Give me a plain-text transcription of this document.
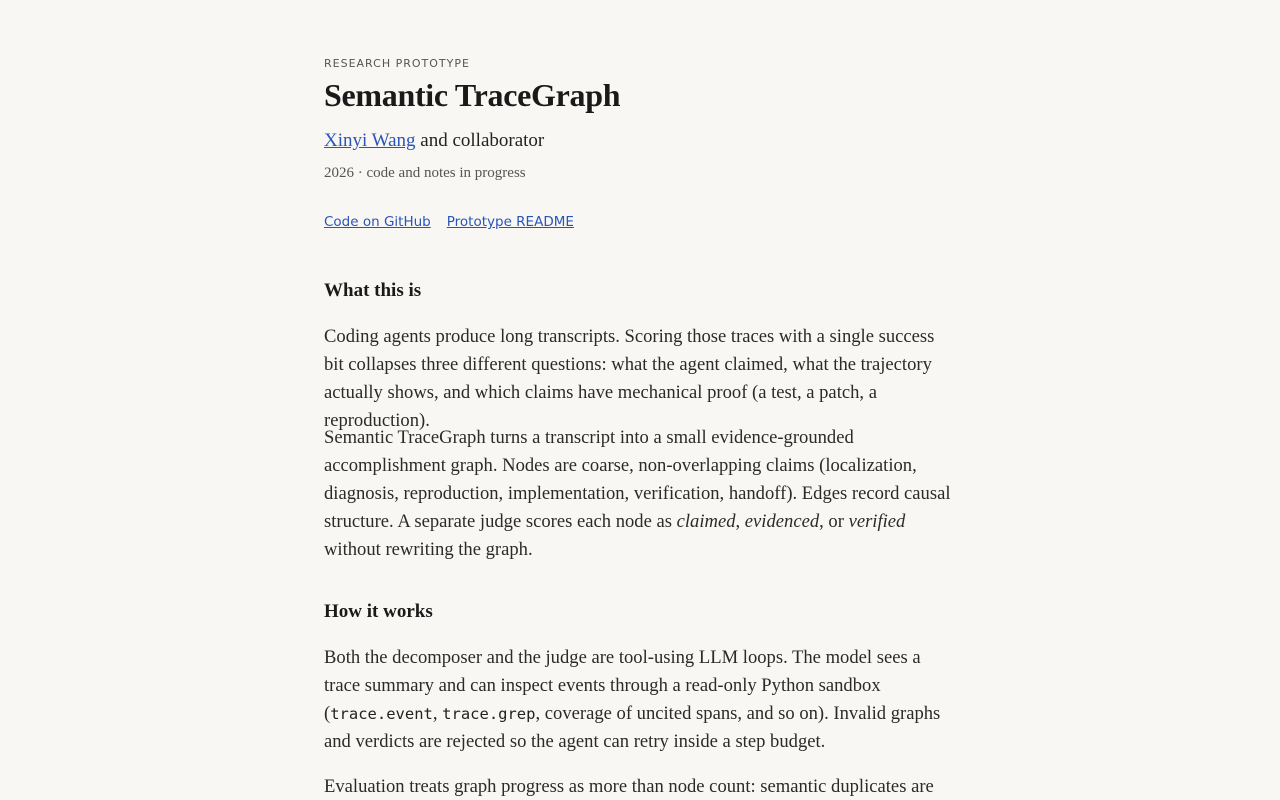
RESEARCH PROTOTYPE
Semantic TraceGraph
Xinyi Wang and collaborator
2026 · code and notes in progress
Code on GitHub Prototype README
What this is

Coding agents produce long transcripts. Scoring those traces with a single success bit collapses three different questions: what the agent claimed, what the trajectory actually shows, and which claims have mechanical proof (a test, a patch, a reproduction).

Semantic TraceGraph turns a transcript into a small evidence-grounded accomplishment graph. Nodes are coarse, non-overlapping claims (localization, diagnosis, reproduction, implementation, verification, handoff). Edges record causal structure. A separate judge scores each node as claimed, evidenced, or verified without rewriting the graph.

How it works

Both the decomposer and the judge are tool-using LLM loops. The model sees a trace summary and can inspect events through a read-only Python sandbox (trace.event, trace.grep, coverage of uncited spans, and so on). Invalid graphs and verdicts are rejected so the agent can retry inside a step budget.

Evaluation treats graph progress as more than node count: semantic duplicates are
